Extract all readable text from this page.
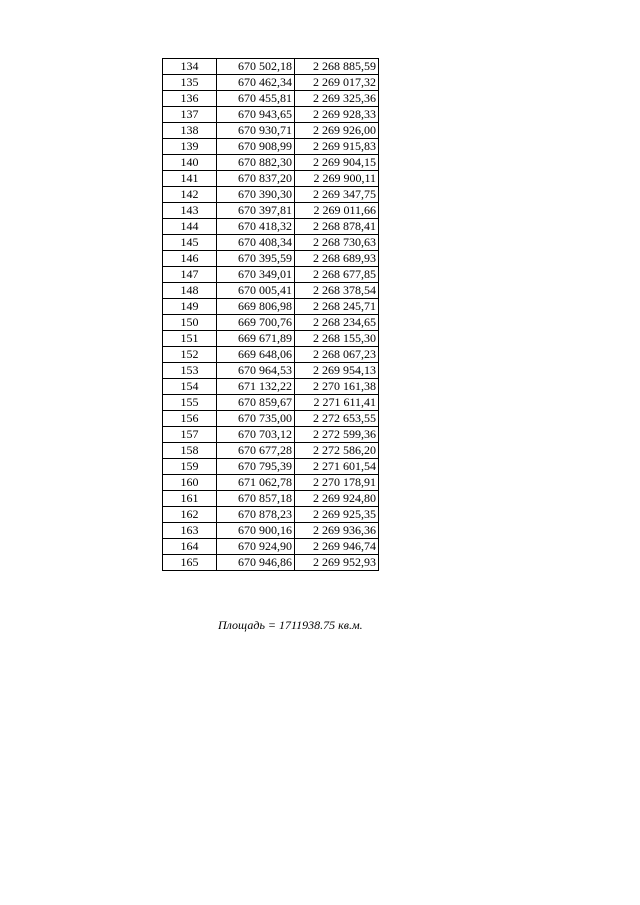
134	670 502,18	2 268 885,59
135	670 462,34	2 269 017,32
136	670 455,81	2 269 325,36
137	670 943,65	2 269 928,33
138	670 930,71	2 269 926,00
139	670 908,99	2 269 915,83
140	670 882,30	2 269 904,15
141	670 837,20	2 269 900,11
142	670 390,30	2 269 347,75
143	670 397,81	2 269 011,66
144	670 418,32	2 268 878,41
145	670 408,34	2 268 730,63
146	670 395,59	2 268 689,93
147	670 349,01	2 268 677,85
148	670 005,41	2 268 378,54
149	669 806,98	2 268 245,71
150	669 700,76	2 268 234,65
151	669 671,89	2 268 155,30
152	669 648,06	2 268 067,23
153	670 964,53	2 269 954,13
154	671 132,22	2 270 161,38
155	670 859,67	2 271 611,41
156	670 735,00	2 272 653,55
157	670 703,12	2 272 599,36
158	670 677,28	2 272 586,20
159	670 795,39	2 271 601,54
160	671 062,78	2 270 178,91
161	670 857,18	2 269 924,80
162	670 878,23	2 269 925,35
163	670 900,16	2 269 936,36
164	670 924,90	2 269 946,74
165	670 946,86	2 269 952,93
Площадь = 1711938.75 кв.м.
